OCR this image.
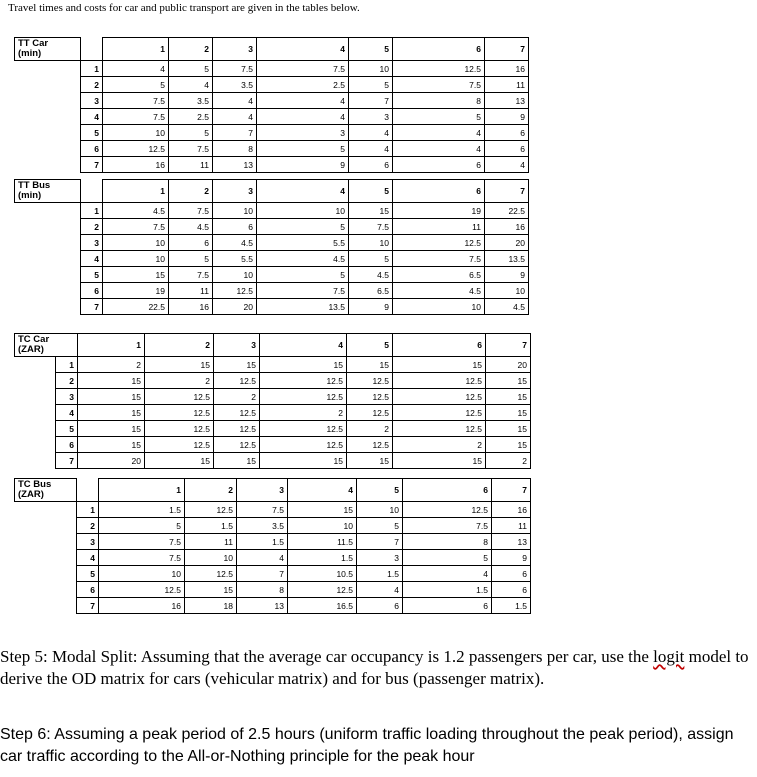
Travel times and costs for car and public transport are given in the tables below.
TT Car
(min)		1	2	3	4	5	6	7
	1	4	5	7.5	7.5	10	12.5	16
	2	5	4	3.5	2.5	5	7.5	11
	3	7.5	3.5	4	4	7	8	13
	4	7.5	2.5	4	4	3	5	9
	5	10	5	7	3	4	4	6
	6	12.5	7.5	8	5	4	4	6
	7	16	11	13	9	6	6	4
TT Bus
(min)		1	2	3	4	5	6	7
	1	4.5	7.5	10	10	15	19	22.5
	2	7.5	4.5	6	5	7.5	11	16
	3	10	6	4.5	5.5	10	12.5	20
	4	10	5	5.5	4.5	5	7.5	13.5
	5	15	7.5	10	5	4.5	6.5	9
	6	19	11	12.5	7.5	6.5	4.5	10
	7	22.5	16	20	13.5	9	10	4.5
TC Car
(ZAR)		1	2	3	4	5	6	7
	1	2	15	15	15	15	15	20
	2	15	2	12.5	12.5	12.5	12.5	15
	3	15	12.5	2	12.5	12.5	12.5	15
	4	15	12.5	12.5	2	12.5	12.5	15
	5	15	12.5	12.5	12.5	2	12.5	15
	6	15	12.5	12.5	12.5	12.5	2	15
	7	20	15	15	15	15	15	2
TC Bus
(ZAR)		1	2	3	4	5	6	7
	1	1.5	12.5	7.5	15	10	12.5	16
	2	5	1.5	3.5	10	5	7.5	11
	3	7.5	11	1.5	11.5	7	8	13
	4	7.5	10	4	1.5	3	5	9
	5	10	12.5	7	10.5	1.5	4	6
	6	12.5	15	8	12.5	4	1.5	6
	7	16	18	13	16.5	6	6	1.5
Step 5: Modal Split: Assuming that the average car occupancy is 1.2 passengers per car, use the logit model to derive the OD matrix for cars (vehicular matrix) and for bus (passenger matrix).
Step 6: Assuming a peak period of 2.5 hours (uniform traffic loading throughout the peak period), assign car traffic according to the All-or-Nothing principle for the peak hour
